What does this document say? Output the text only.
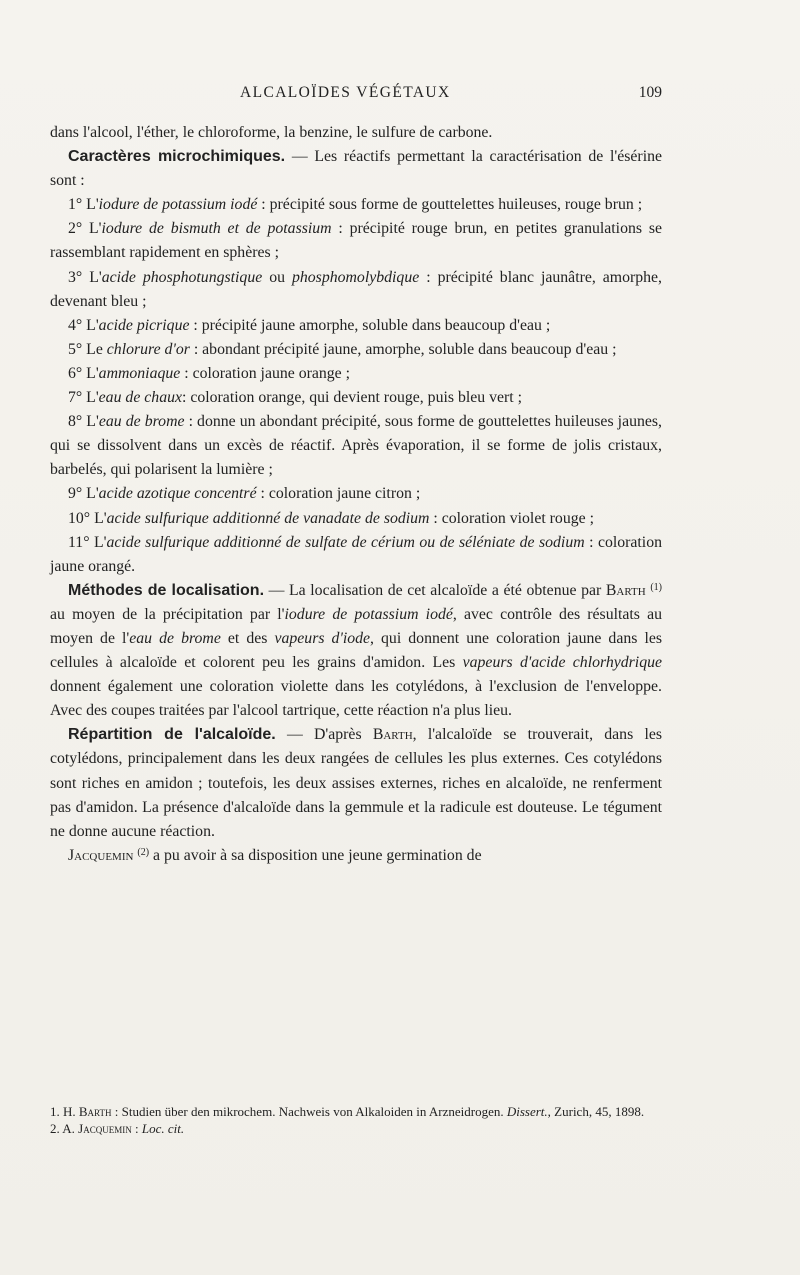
ALCALOÏDES VÉGÉTAUX	109

dans l'alcool, l'éther, le chloroforme, la benzine, le sulfure de carbone.

Caractères microchimiques. — Les réactifs permettant la caractérisation de l'ésérine sont :

1° L'iodure de potassium iodé : précipité sous forme de gouttelettes huileuses, rouge brun ;

2° L'iodure de bismuth et de potassium : précipité rouge brun, en petites granulations se rassemblant rapidement en sphères ;

3° L'acide phosphotungstique ou phosphomolybdique : précipité blanc jaunâtre, amorphe, devenant bleu ;

4° L'acide picrique : précipité jaune amorphe, soluble dans beaucoup d'eau ;

5° Le chlorure d'or : abondant précipité jaune, amorphe, soluble dans beaucoup d'eau ;

6° L'ammoniaque : coloration jaune orange ;

7° L'eau de chaux: coloration orange, qui devient rouge, puis bleu vert ;

8° L'eau de brome : donne un abondant précipité, sous forme de gouttelettes huileuses jaunes, qui se dissolvent dans un excès de réactif. Après évaporation, il se forme de jolis cristaux, barbelés, qui polarisent la lumière ;

9° L'acide azotique concentré : coloration jaune citron ;

10° L'acide sulfurique additionné de vanadate de sodium : coloration violet rouge ;

11° L'acide sulfurique additionné de sulfate de cérium ou de séléniate de sodium : coloration jaune orangé.

Méthodes de localisation. — La localisation de cet alcaloïde a été obtenue par Barth $^{(1)}$ au moyen de la précipitation par l'iodure de potassium iodé, avec contrôle des résultats au moyen de l'eau de brome et des vapeurs d'iode, qui donnent une coloration jaune dans les cellules à alcaloïde et colorent peu les grains d'amidon. Les vapeurs d'acide chlorhydrique donnent également une coloration violette dans les cotylédons, à l'exclusion de l'enveloppe. Avec des coupes traitées par l'alcool tartrique, cette réaction n'a plus lieu.

Répartition de l'alcaloïde. — D'après Barth, l'alcaloïde se trouverait, dans les cotylédons, principalement dans les deux rangées de cellules les plus externes. Ces cotylédons sont riches en amidon ; toutefois, les deux assises externes, riches en alcaloïde, ne renferment pas d'amidon. La présence d'alcaloïde dans la gemmule et la radicule est douteuse. Le tégument ne donne aucune réaction.

Jacquemin $^{(2)}$ a pu avoir à sa disposition une jeune germination de

1. H. Barth : Studien über den mikrochem. Nachweis von Alkaloiden in Arzneidrogen. Dissert., Zurich, 45, 1898.

2. A. Jacquemin : Loc. cit.
